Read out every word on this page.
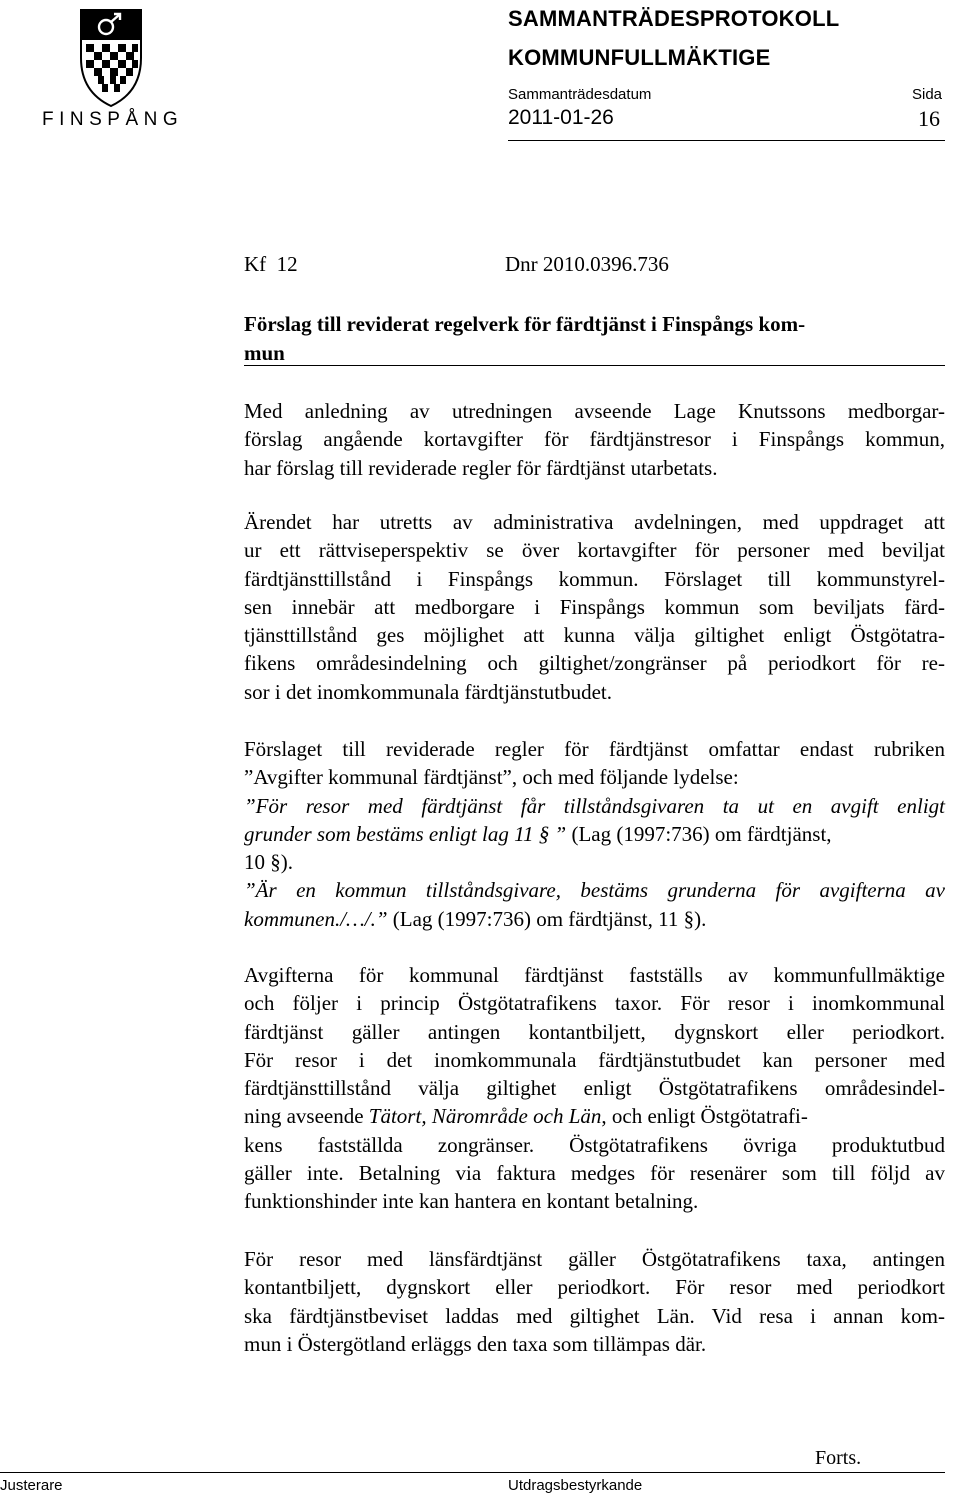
FINSPÅNG
SAMMANTRÄDESPROTOKOLL
KOMMUNFULLMÄKTIGE
Sammanträdesdatum	Sida
2011-01-26	16
Kf  12	Dnr 2010.0396.736
Förslag till reviderat regelverk för färdtjänst i Finspångs kom-
mun
Med anledning av utredningen avseende Lage Knutssons medborgar-
förslag angående kortavgifter för färdtjänstresor i Finspångs kommun,
har förslag till reviderade regler för färdtjänst utarbetats.
Ärendet har utretts av administrativa avdelningen, med uppdraget att
ur ett rättviseperspektiv se över kortavgifter för personer med beviljat
färdtjänsttillstånd i Finspångs kommun. Förslaget till kommunstyrel-
sen innebär att medborgare i Finspångs kommun som beviljats färd-
tjänsttillstånd ges möjlighet att kunna välja giltighet enligt Östgötatra-
fikens områdesindelning och giltighet/zongränser på periodkort för re-
sor i det inomkommunala färdtjänstutbudet.
Förslaget till reviderade regler för färdtjänst omfattar endast rubriken
”Avgifter kommunal färdtjänst”, och med följande lydelse:
”För resor med färdtjänst får tillståndsgivaren ta ut en avgift enligt
grunder som bestäms enligt lag 11 § ” (Lag (1997:736) om färdtjänst,
10 §).
”Är en kommun tillståndsgivare, bestäms grunderna för avgifterna av
kommunen./…/.” (Lag (1997:736) om färdtjänst, 11 §).
Avgifterna för kommunal färdtjänst fastställs av kommunfullmäktige
och följer i princip Östgötatrafikens taxor. För resor i inomkommunal
färdtjänst gäller antingen kontantbiljett, dygnskort eller periodkort.
För resor i det inomkommunala färdtjänstutbudet kan personer med
färdtjänsttillstånd välja giltighet enligt Östgötatrafikens områdesindel-
ning avseende Tätort, Närområde och Län, och enligt Östgötatrafi-
kens fastställda zongränser. Östgötatrafikens övriga produktutbud
gäller inte. Betalning via faktura medges för resenärer som till följd av
funktionshinder inte kan hantera en kontant betalning.
För resor med länsfärdtjänst gäller Östgötatrafikens taxa, antingen
kontantbiljett, dygnskort eller periodkort. För resor med periodkort
ska färdtjänstbeviset laddas med giltighet Län. Vid resa i annan kom-
mun i Östergötland erläggs den taxa som tillämpas där.
Forts.
Justerare	Utdragsbestyrkande
